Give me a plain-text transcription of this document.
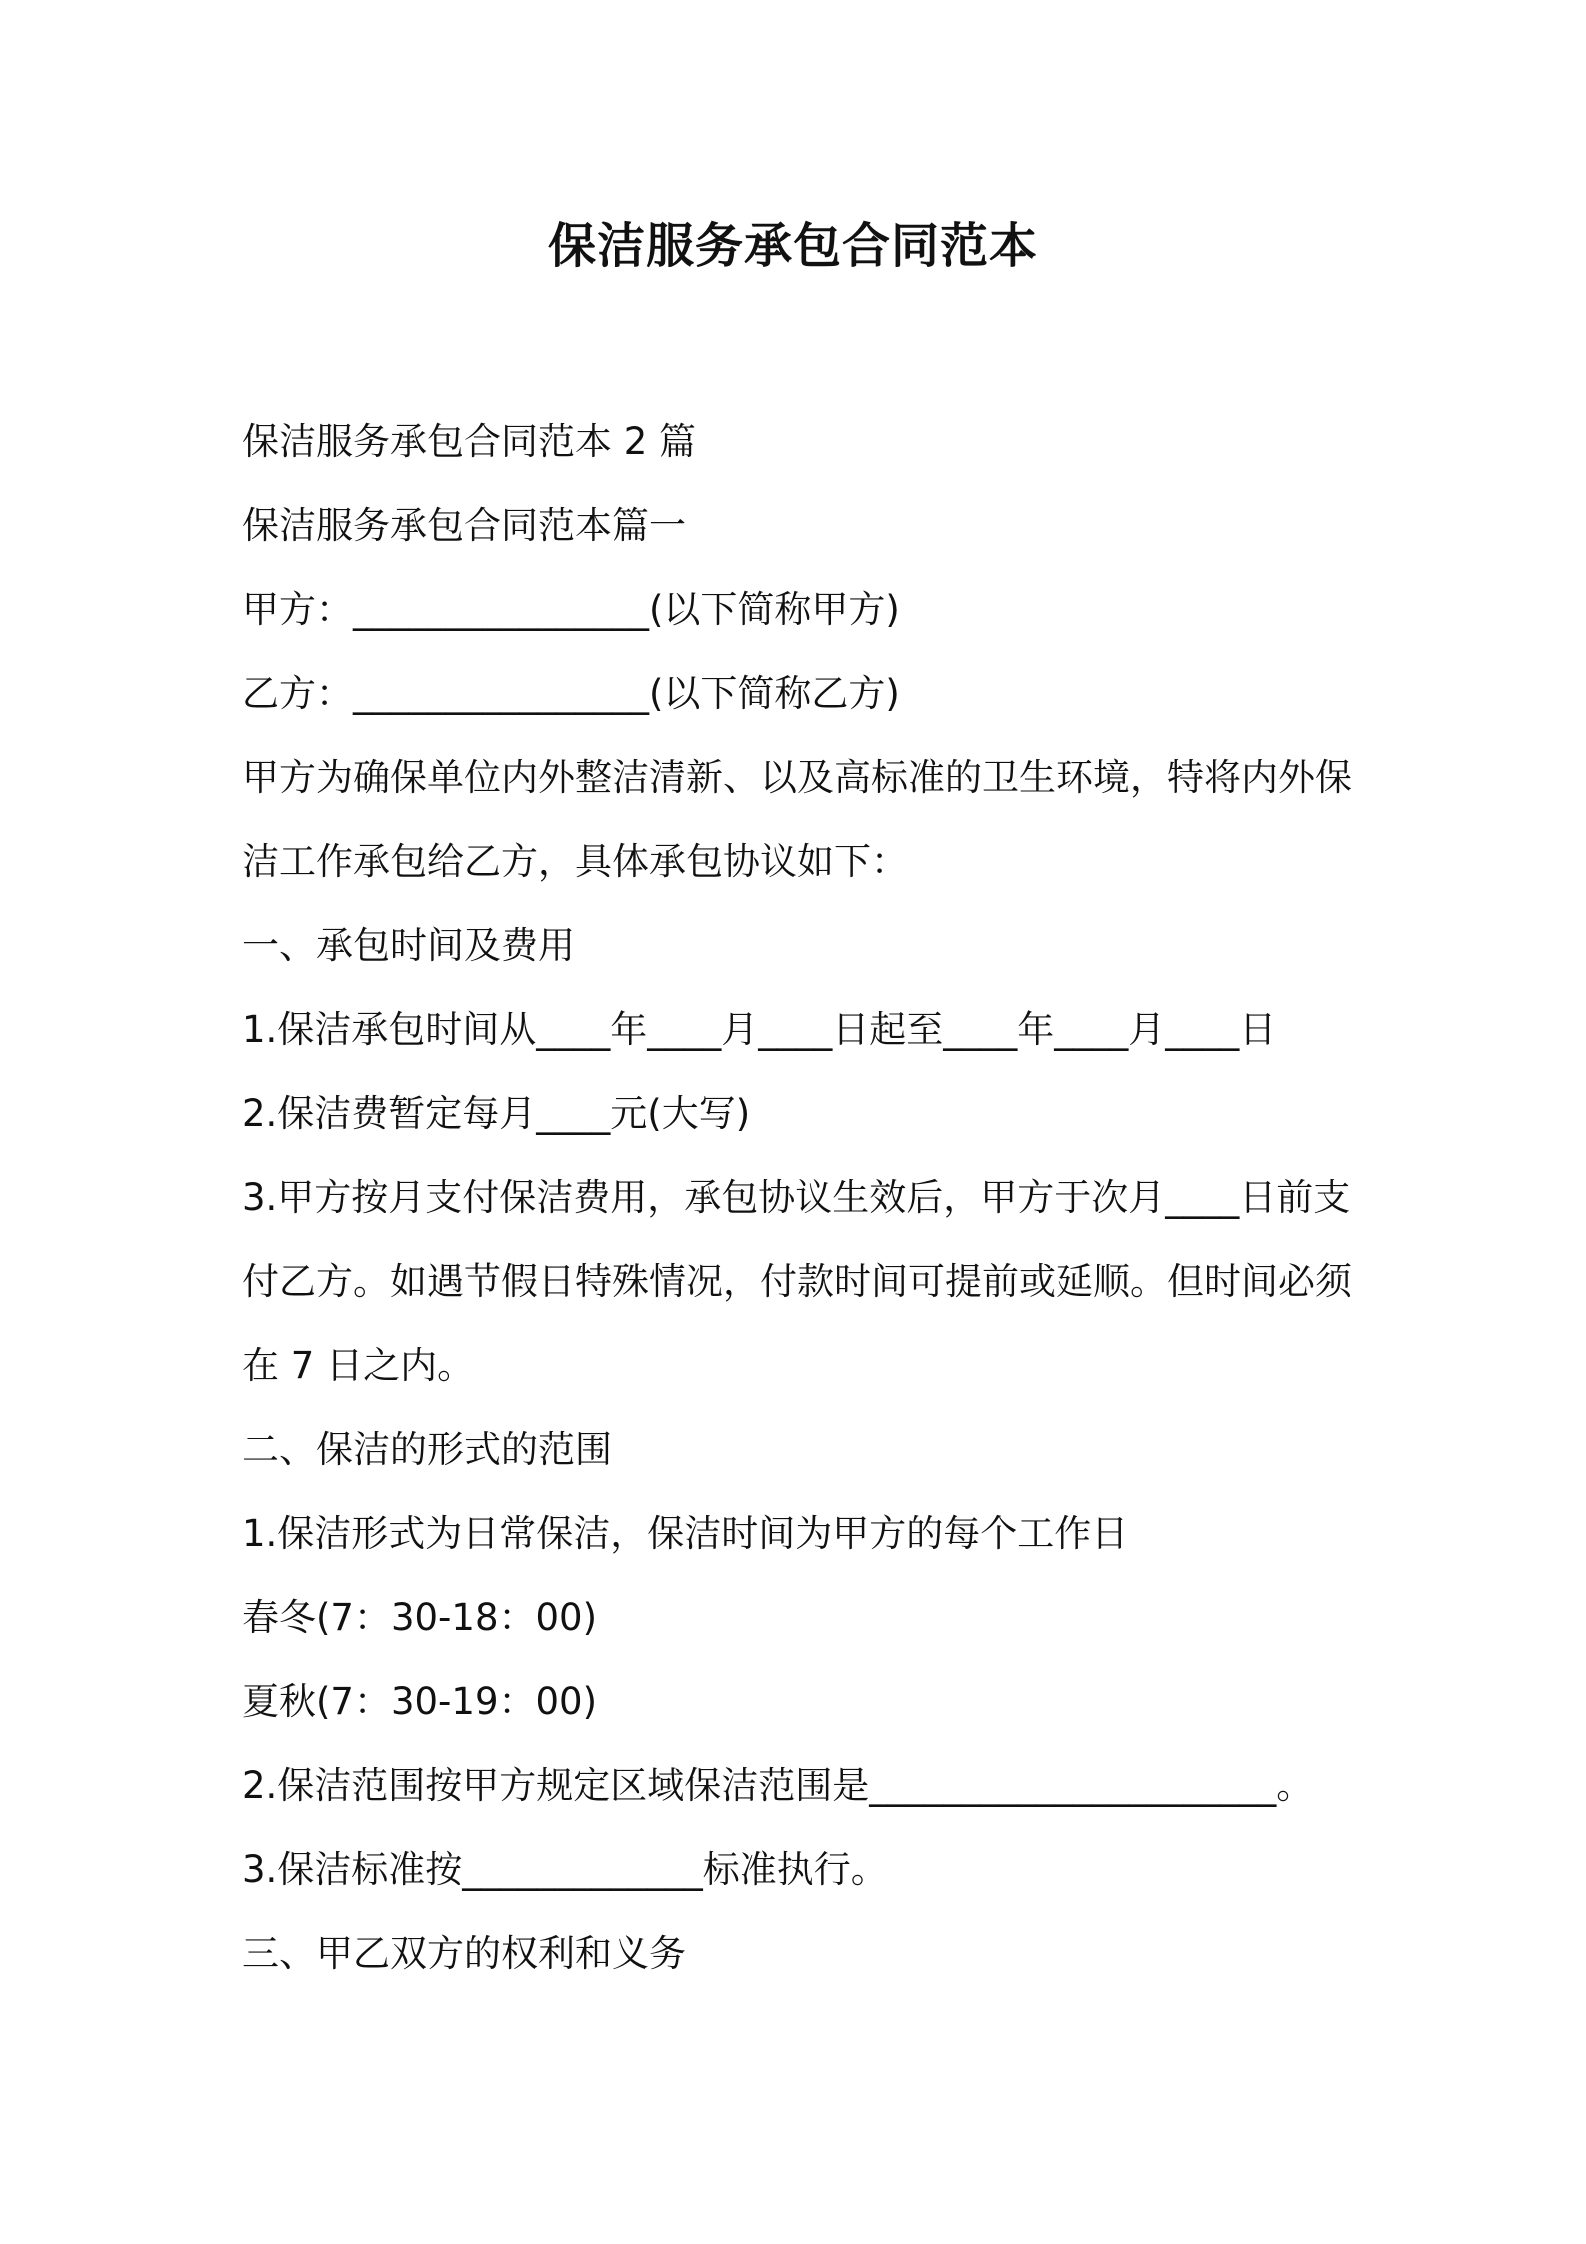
保洁服务承包合同范本
保洁服务承包合同范本 2 篇
保洁服务承包合同范本篇一
甲方：________________(以下简称甲方)
乙方：________________(以下简称乙方)
甲方为确保单位内外整洁清新、以及高标准的卫生环境，特将内外保
洁工作承包给乙方，具体承包协议如下：
一、承包时间及费用
1.保洁承包时间从____年____月____日起至____年____月____日
2.保洁费暂定每月____元(大写)
3.甲方按月支付保洁费用，承包协议生效后，甲方于次月____日前支
付乙方。如遇节假日特殊情况，付款时间可提前或延顺。但时间必须
在 7 日之内。
二、保洁的形式的范围
1.保洁形式为日常保洁，保洁时间为甲方的每个工作日
春冬(7：30-18：00)
夏秋(7：30-19：00)
2.保洁范围按甲方规定区域保洁范围是______________________。
3.保洁标准按_____________标准执行。
三、甲乙双方的权利和义务
